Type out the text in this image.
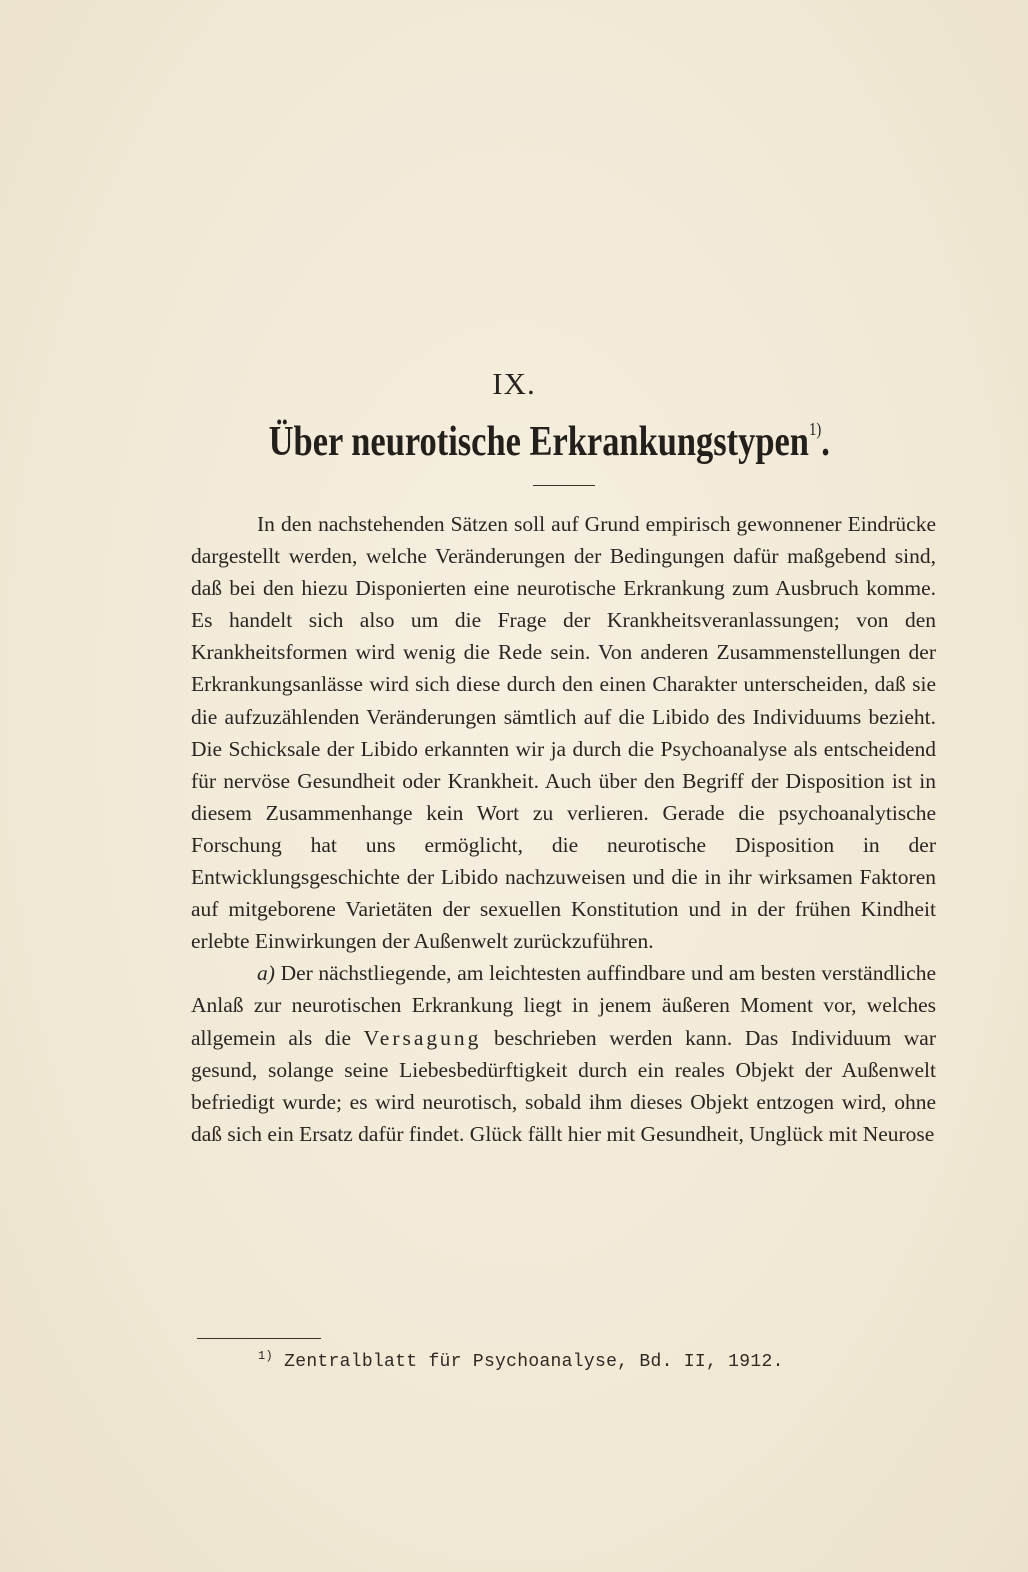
IX.
Über neurotische Erkrankungstypen$^{1)}$.

In den nachstehenden Sätzen soll auf Grund empirisch gewonnener Eindrücke dargestellt werden, welche Veränderungen der Bedingungen dafür maßgebend sind, daß bei den hiezu Disponierten eine neurotische Erkrankung zum Ausbruch komme. Es handelt sich also um die Frage der Krankheitsveranlassungen; von den Krankheitsformen wird wenig die Rede sein. Von anderen Zusammenstellungen der Erkrankungsanlässe wird sich diese durch den einen Charakter unterscheiden, daß sie die aufzuzählenden Veränderungen sämtlich auf die Libido des Individuums bezieht. Die Schicksale der Libido erkannten wir ja durch die Psychoanalyse als entscheidend für nervöse Gesundheit oder Krankheit. Auch über den Begriff der Disposition ist in diesem Zusammenhange kein Wort zu verlieren. Gerade die psychoanalytische Forschung hat uns ermöglicht, die neurotische Disposition in der Entwicklungsgeschichte der Libido nachzuweisen und die in ihr wirksamen Faktoren auf mitgeborene Varietäten der sexuellen Konstitution und in der frühen Kindheit erlebte Einwirkungen der Außenwelt zurückzuführen.

a) Der nächstliegende, am leichtesten auffindbare und am besten verständliche Anlaß zur neurotischen Erkrankung liegt in jenem äußeren Moment vor, welches allgemein als die Versagung beschrieben werden kann. Das Individuum war gesund, solange seine Liebesbedürftigkeit durch ein reales Objekt der Außenwelt befriedigt wurde; es wird neurotisch, sobald ihm dieses Objekt entzogen wird, ohne daß sich ein Ersatz dafür findet. Glück fällt hier mit Gesundheit, Unglück mit Neurose

$^{1)}$ Zentralblatt für Psychoanalyse, Bd. II, 1912.
